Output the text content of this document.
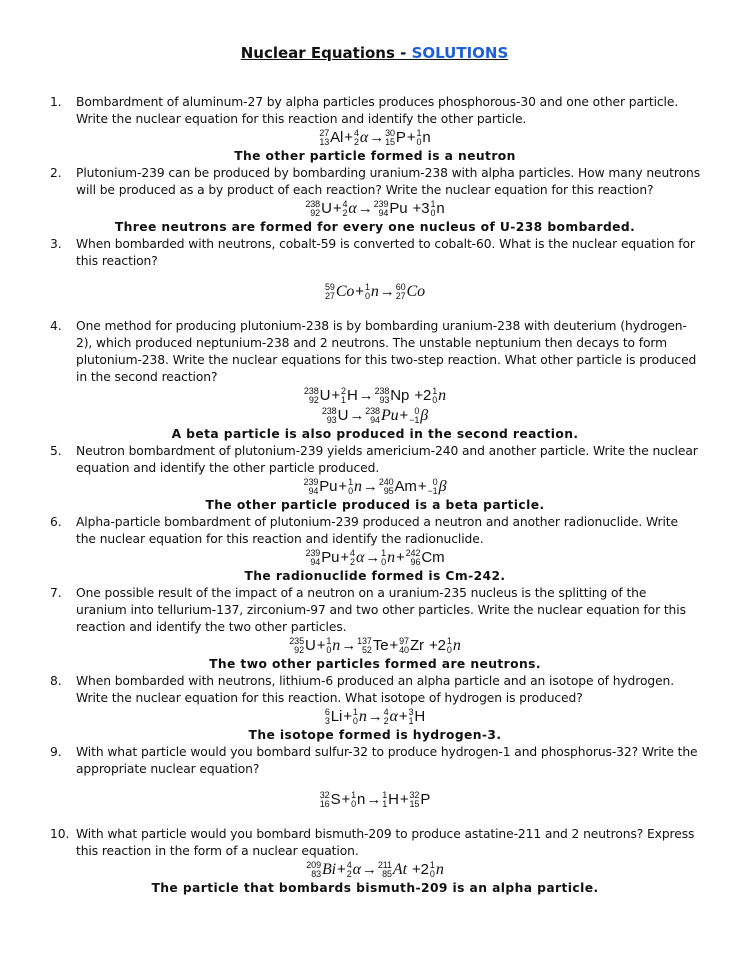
Nuclear Equations - SOLUTIONS
1. Bombardment of aluminum-27 by alpha particles produces phosphorous-30 and one other particle. Write the nuclear equation for this reaction and identify the other particle.
27
13 Al+ 4
2 α→ 30
15 P+ 1
0 n
The other particle formed is a neutron
2. Plutonium-239 can be produced by bombarding uranium-238 with alpha particles. How many neutrons will be produced as a by product of each reaction? Write the nuclear equation for this reaction?
238
92 U+ 4
2 α→ 239
94 Pu +3 1
0 n
Three neutrons are formed for every one nucleus of U-238 bombarded.
3. When bombarded with neutrons, cobalt-59 is converted to cobalt-60. What is the nuclear equation for this reaction?
59
27 Co+ 1
0 n→ 60
27 Co
4. One method for producing plutonium-238 is by bombarding uranium-238 with deuterium (hydrogen-2), which produced neptunium-238 and 2 neutrons. The unstable neptunium then decays to form plutonium-238. Write the nuclear equations for this two-step reaction. What other particle is produced in the second reaction?
238
92 U+ 2
1 H→ 238
93 Np +2 1
0 n
238
93 U→ 238
94 Pu+ 0
−1 β
A beta particle is also produced in the second reaction.
5. Neutron bombardment of plutonium-239 yields americium-240 and another particle. Write the nuclear equation and identify the other particle produced.
239
94 Pu+ 1
0 n→ 240
95 Am+ 0
−1 β
The other particle produced is a beta particle.
6. Alpha-particle bombardment of plutonium-239 produced a neutron and another radionuclide. Write the nuclear equation for this reaction and identify the radionuclide.
239
94 Pu+ 4
2 α→ 1
0 n+ 242
96 Cm
The radionuclide formed is Cm-242.
7. One possible result of the impact of a neutron on a uranium-235 nucleus is the splitting of the uranium into tellurium-137, zirconium-97 and two other particles. Write the nuclear equation for this reaction and identify the two other particles.
235
92 U+ 1
0 n→ 137
52 Te+ 97
40 Zr +2 1
0 n
The two other particles formed are neutrons.
8. When bombarded with neutrons, lithium-6 produced an alpha particle and an isotope of hydrogen. Write the nuclear equation for this reaction. What isotope of hydrogen is produced?
6
3 Li+ 1
0 n→ 4
2 α+ 3
1 H
The isotope formed is hydrogen-3.
9. With what particle would you bombard sulfur-32 to produce hydrogen-1 and phosphorus-32? Write the appropriate nuclear equation?
32
16 S+ 1
0 n→ 1
1 H+ 32
15 P
10. With what particle would you bombard bismuth-209 to produce astatine-211 and 2 neutrons? Express this reaction in the form of a nuclear equation.
209
83 Bi+ 4
2 α→ 211
85 At +2 1
0 n
The particle that bombards bismuth-209 is an alpha particle.
